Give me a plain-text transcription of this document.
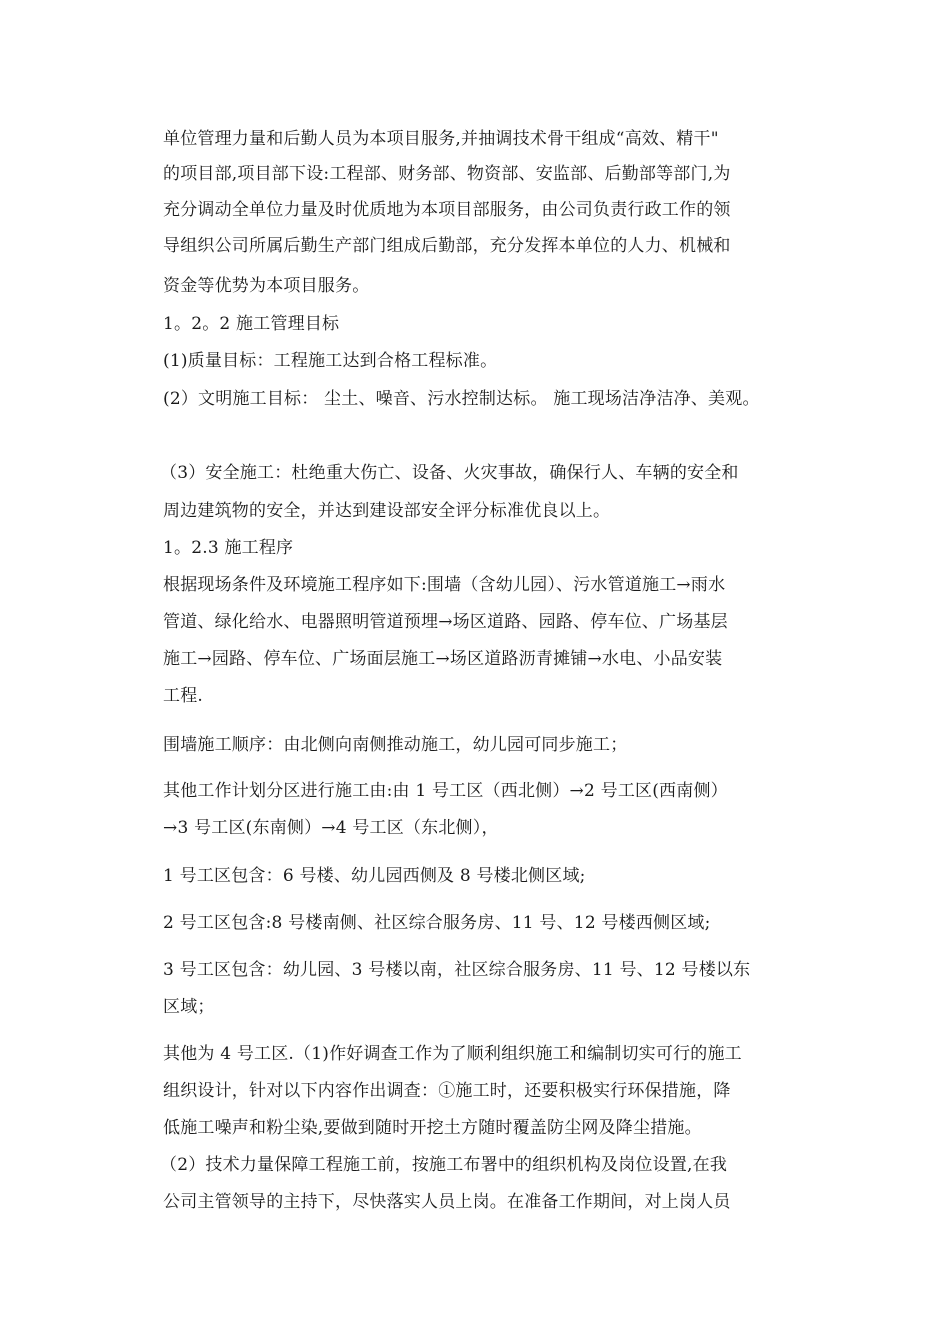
单位管理力量和后勤人员为本项目服务,并抽调技术骨干组成“高效、精干"
的项目部,项目部下设:工程部、财务部、物资部、安监部、后勤部等部门,为
充分调动全单位力量及时优质地为本项目部服务，由公司负责行政工作的领
导组织公司所属后勤生产部门组成后勤部，充分发挥本单位的人力、机械和
资金等优势为本项目服务。
1。2。2 施工管理目标
(1)质量目标：工程施工达到合格工程标准。
(2）文明施工目标： 尘土、噪音、污水控制达标。 施工现场洁净洁净、美观。
（3）安全施工：杜绝重大伤亡、设备、火灾事故，确保行人、车辆的安全和
周边建筑物的安全，并达到建设部安全评分标准优良以上。
1。2.3 施工程序
根据现场条件及环境施工程序如下:围墙（含幼儿园）、污水管道施工→雨水
管道、绿化给水、电器照明管道预埋→场区道路、园路、停车位、广场基层
施工→园路、停车位、广场面层施工→场区道路沥青摊铺→水电、小品安装
工程.
围墙施工顺序：由北侧向南侧推动施工，幼儿园可同步施工；
其他工作计划分区进行施工由:由 1 号工区（西北侧）→2 号工区(西南侧）
→3 号工区(东南侧）→4 号工区（东北侧），
1 号工区包含：6 号楼、幼儿园西侧及 8 号楼北侧区域;
2 号工区包含:8 号楼南侧、社区综合服务房、11 号、12 号楼西侧区域;
3 号工区包含：幼儿园、3 号楼以南，社区综合服务房、11 号、12 号楼以东
区域；
其他为 4 号工区.（1)作好调查工作为了顺利组织施工和编制切实可行的施工
组织设计，针对以下内容作出调查：①施工时，还要积极实行环保措施，降
低施工噪声和粉尘染,要做到随时开挖土方随时覆盖防尘网及降尘措施。
（2）技术力量保障工程施工前，按施工布署中的组织机构及岗位设置,在我
公司主管领导的主持下，尽快落实人员上岗。在准备工作期间，对上岗人员
